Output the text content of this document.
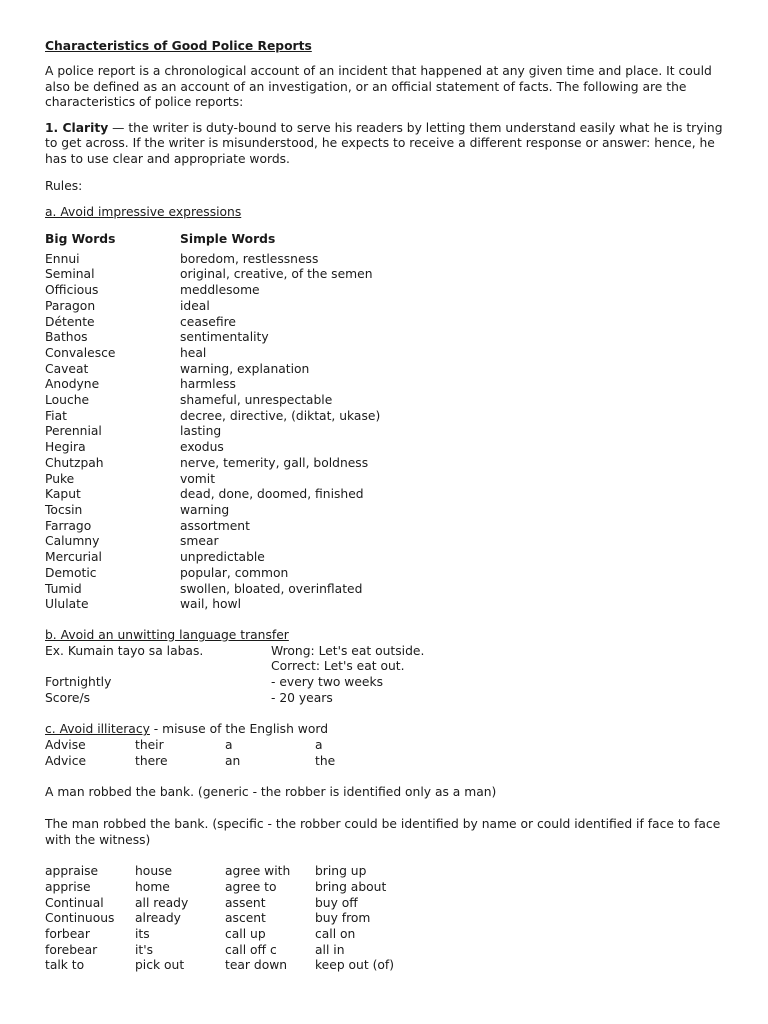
Characteristics of Good Police Reports

A police report is a chronological account of an incident that happened at any given time and place. It could also be defined as an account of an investigation, or an official statement of facts. The following are the characteristics of police reports:

1. Clarity — the writer is duty-bound to serve his readers by letting them understand easily what he is trying to get across. If the writer is misunderstood, he expects to receive a different response or answer: hence, he has to use clear and appropriate words.

Rules:

a. Avoid impressive expressions

Big Words	Simple Words
Ennui	boredom, restlessness
Seminal	original, creative, of the semen
Officious	meddlesome
Paragon	ideal
Détente	ceasefire
Bathos	sentimentality
Convalesce	heal
Caveat	warning, explanation
Anodyne	harmless
Louche	shameful, unrespectable
Fiat	decree, directive, (diktat, ukase)
Perennial	lasting
Hegira	exodus
Chutzpah	nerve, temerity, gall, boldness
Puke	vomit
Kaput	dead, done, doomed, finished
Tocsin	warning
Farrago	assortment
Calumny	smear
Mercurial	unpredictable
Demotic	popular, common
Tumid	swollen, bloated, overinflated
Ululate	wail, howl

b. Avoid an unwitting language transfer

Ex. Kumain tayo sa labas.	Wrong: Let's eat outside.
Correct: Let's eat out.
Fortnightly	- every two weeks
Score/s	- 20 years

c. Avoid illiteracy - misuse of the English word

Advise	their	a	a
Advice	there	an	the

A man robbed the bank. (generic - the robber is identified only as a man)

The man robbed the bank. (specific - the robber could be identified by name or could identified if face to face with the witness)

appraise	house	agree with	bring up
apprise	home	agree to	bring about
Continual	all ready	assent	buy off
Continuous	already	ascent	buy from
forbear	its	call up	call on
forebear	it's	call off c	all in
talk to	pick out	tear down	keep out (of)
